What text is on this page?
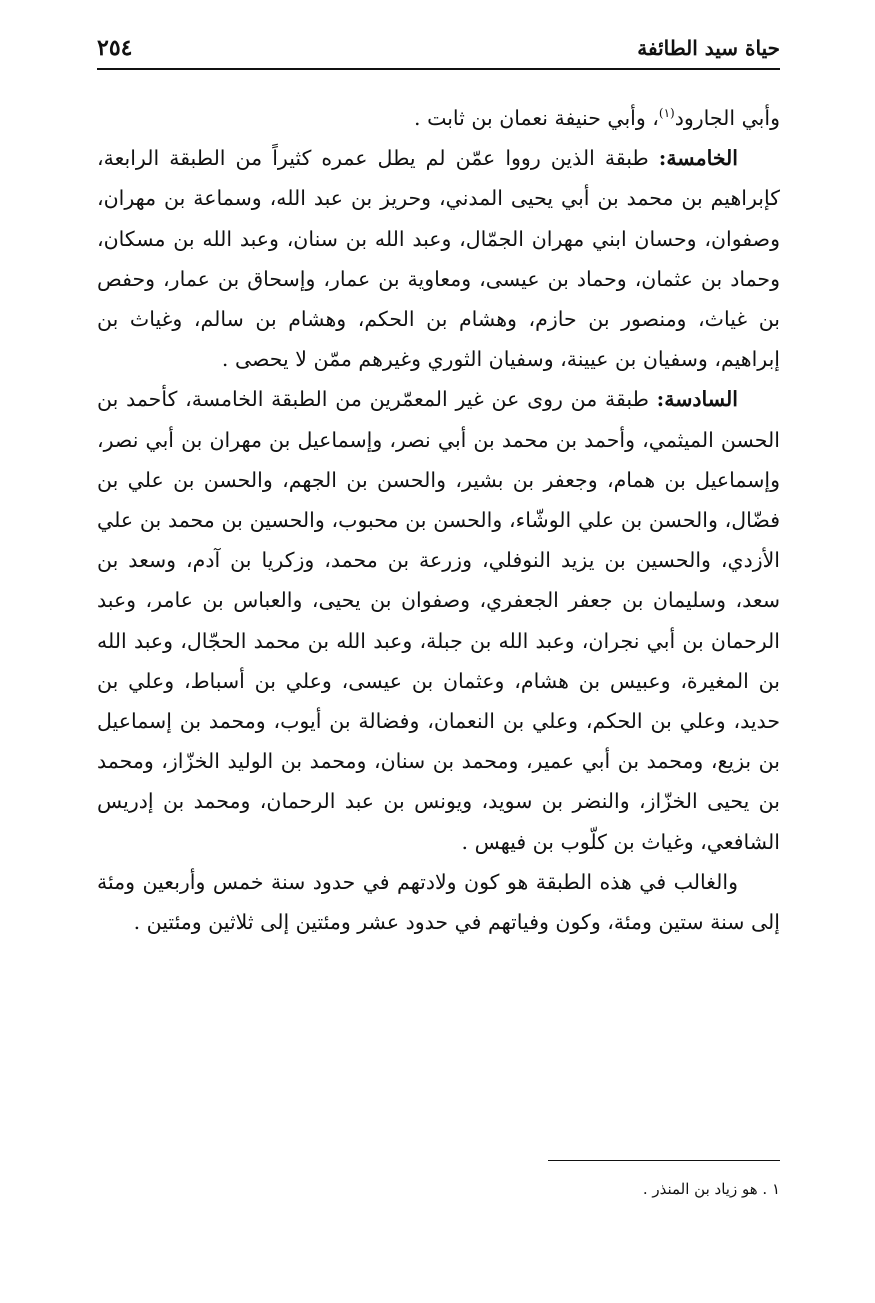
٢٥٤	حياة سيد الطائفة

وأبي الجارود$^{(١)}$، وأبي حنيفة نعمان بن ثابت .

الخامسة: طبقة الذين رووا عمّن لم يطل عمره كثيراً من الطبقة الرابعة، كإبراهيم بن محمد بن أبي يحيى المدني، وحريز بن عبد الله، وسماعة بن مهران، وصفوان، وحسان ابني مهران الجمّال، وعبد الله بن سنان، وعبد الله بن مسكان، وحماد بن عثمان، وحماد بن عيسى، ومعاوية بن عمار، وإسحاق بن عمار، وحفص بن غياث، ومنصور بن حازم، وهشام بن الحكم، وهشام بن سالم، وغياث بن إبراهيم، وسفيان بن عيينة، وسفيان الثوري وغيرهم ممّن لا يحصى .

السادسة: طبقة من روى عن غير المعمّرين من الطبقة الخامسة، كأحمد بن الحسن الميثمي، وأحمد بن محمد بن أبي نصر، وإسماعيل بن مهران بن أبي نصر، وإسماعيل بن همام، وجعفر بن بشير، والحسن بن الجهم، والحسن بن علي بن فضّال، والحسن بن علي الوشّاء، والحسن بن محبوب، والحسين بن محمد بن علي الأزدي، والحسين بن يزيد النوفلي، وزرعة بن محمد، وزكريا بن آدم، وسعد بن سعد، وسليمان بن جعفر الجعفري، وصفوان بن يحيى، والعباس بن عامر، وعبد الرحمان بن أبي نجران، وعبد الله بن جبلة، وعبد الله بن محمد الحجّال، وعبد الله بن المغيرة، وعبيس بن هشام، وعثمان بن عيسى، وعلي بن أسباط، وعلي بن حديد، وعلي بن الحكم، وعلي بن النعمان، وفضالة بن أيوب، ومحمد بن إسماعيل بن بزيع، ومحمد بن أبي عمير، ومحمد بن سنان، ومحمد بن الوليد الخزّاز، ومحمد بن يحيى الخزّاز، والنضر بن سويد، ويونس بن عبد الرحمان، ومحمد بن إدريس الشافعي، وغياث بن كلّوب بن فيهس .

والغالب في هذه الطبقة هو كون ولادتهم في حدود سنة خمس وأربعين ومئة إلى سنة ستين ومئة، وكون وفياتهم في حدود عشر ومئتين إلى ثلاثين ومئتين .

١ . هو زياد بن المنذر .
